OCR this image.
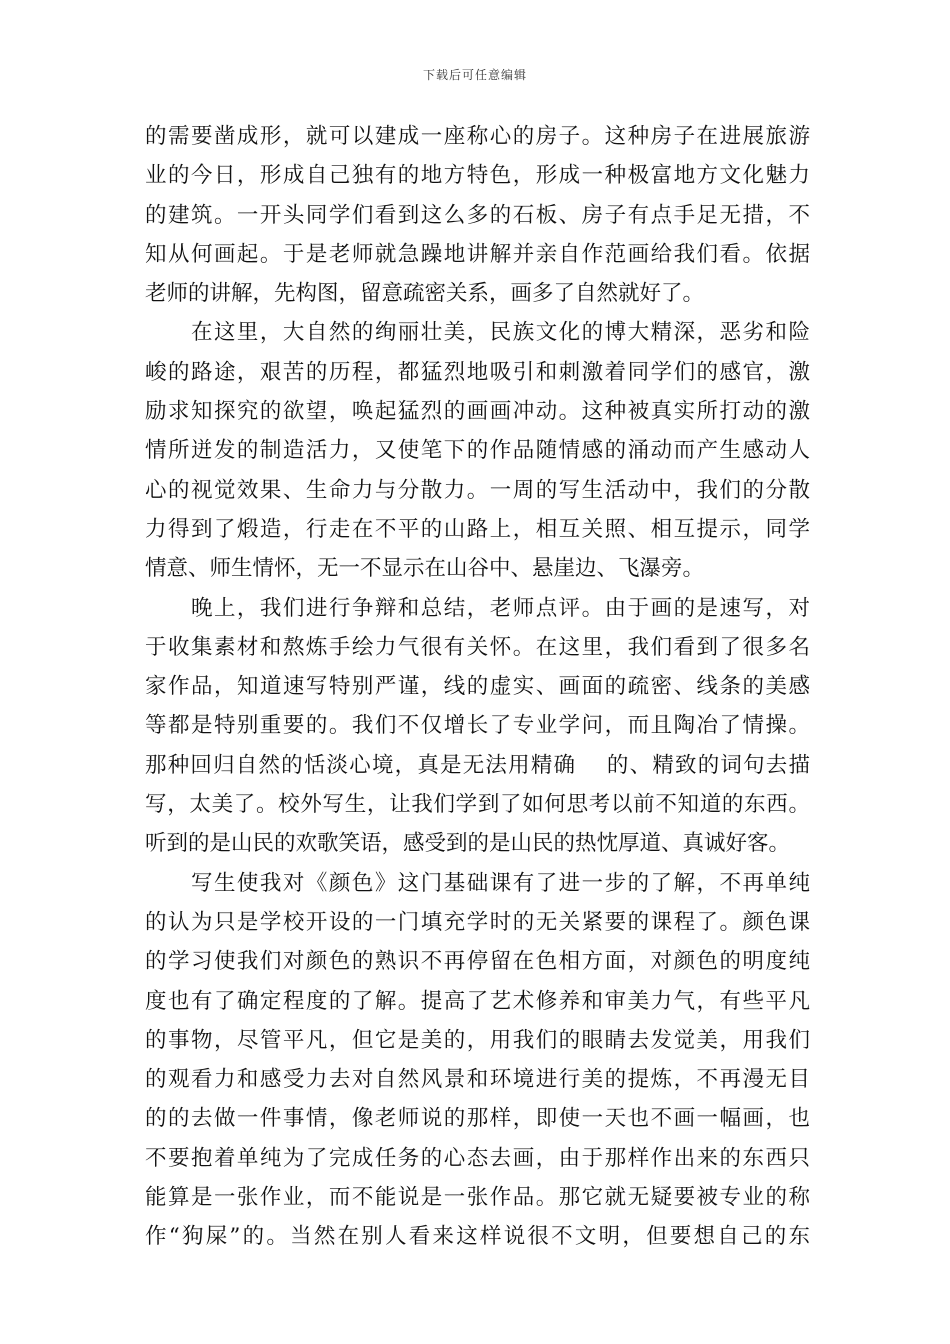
下载后可任意编辑
的需要凿成形，就可以建成一座称心的房子。这种房子在进展旅游
业的今日，形成自己独有的地方特色，形成一种极富地方文化魅力
的建筑。一开头同学们看到这么多的石板、房子有点手足无措，不
知从何画起。于是老师就急躁地讲解并亲自作范画给我们看。依据
老师的讲解，先构图，留意疏密关系，画多了自然就好了。
　　在这里，大自然的绚丽壮美，民族文化的博大精深，恶劣和险
峻的路途，艰苦的历程，都猛烈地吸引和刺激着同学们的感官，激
励求知探究的欲望，唤起猛烈的画画冲动。这种被真实所打动的激
情所迸发的制造活力，又使笔下的作品随情感的涌动而产生感动人
心的视觉效果、生命力与分散力。一周的写生活动中，我们的分散
力得到了煅造，行走在不平的山路上，相互关照、相互提示，同学
情意、师生情怀，无一不显示在山谷中、悬崖边、飞瀑旁。
　　晚上，我们进行争辩和总结，老师点评。由于画的是速写，对
于收集素材和熬炼手绘力气很有关怀。在这里，我们看到了很多名
家作品，知道速写特别严谨，线的虚实、画面的疏密、线条的美感
等都是特别重要的。我们不仅增长了专业学问，而且陶冶了情操。
那种回归自然的恬淡心境，真是无法用精确　 的、精致的词句去描
写，太美了。校外写生，让我们学到了如何思考以前不知道的东西。
听到的是山民的欢歌笑语，感受到的是山民的热忱厚道、真诚好客。
　　写生使我对《颜色》这门基础课有了进一步的了解，不再单纯
的认为只是学校开设的一门填充学时的无关紧要的课程了。颜色课
的学习使我们对颜色的熟识不再停留在色相方面，对颜色的明度纯
度也有了确定程度的了解。提高了艺术修养和审美力气，有些平凡
的事物，尽管平凡，但它是美的，用我们的眼睛去发觉美，用我们
的观看力和感受力去对自然风景和环境进行美的提炼，不再漫无目
的的去做一件事情，像老师说的那样，即使一天也不画一幅画，也
不要抱着单纯为了完成任务的心态去画，由于那样作出来的东西只
能算是一张作业，而不能说是一张作品。那它就无疑要被专业的称
作“狗屎”的。当然在别人看来这样说很不文明，但要想自己的东
